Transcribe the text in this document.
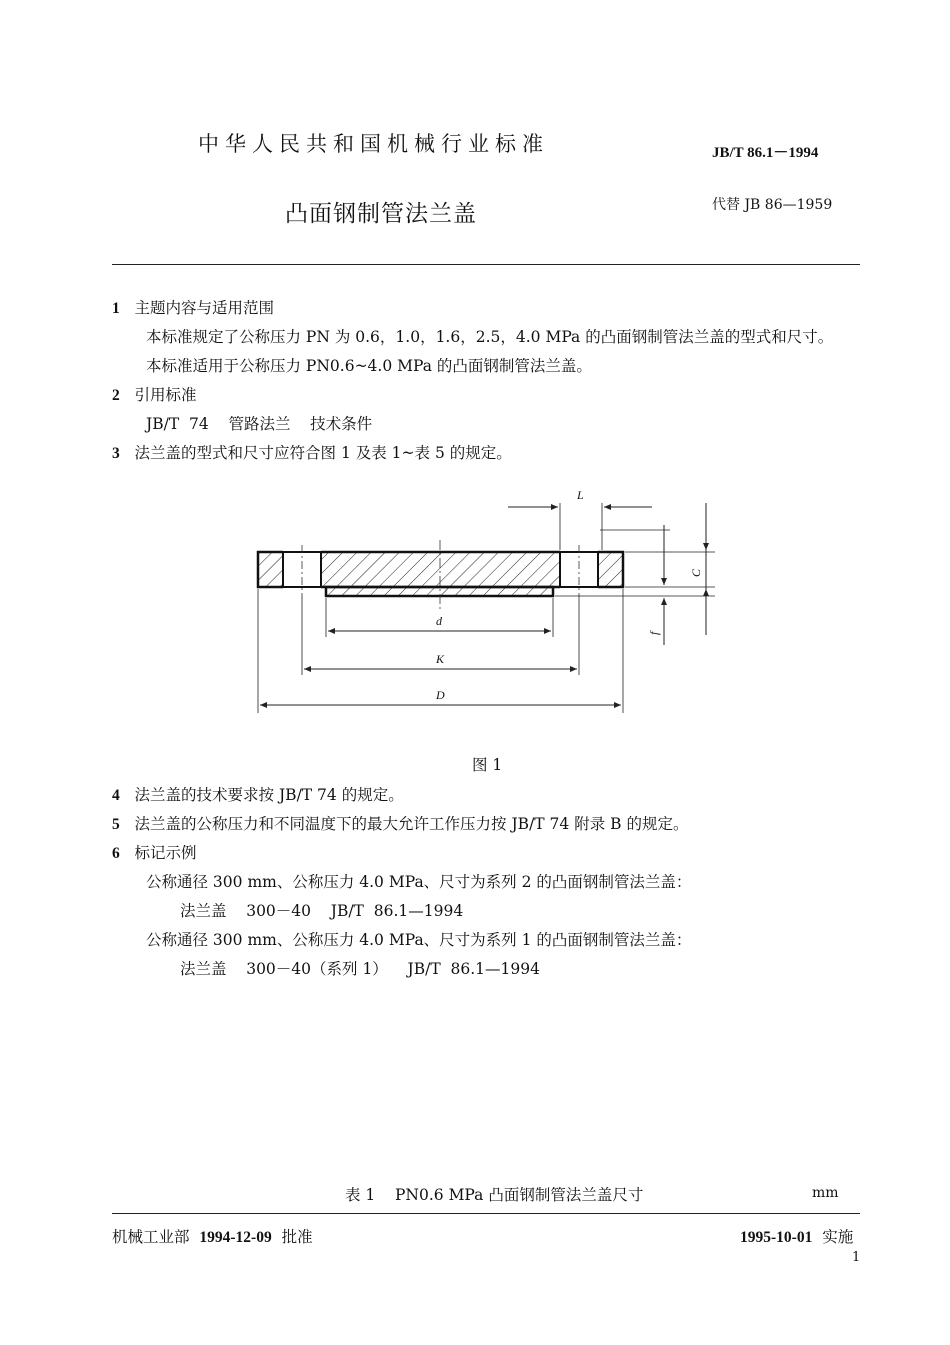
中华人民共和国机械行业标准	JB/T 86.1－1994
凸面钢制管法兰盖	代替 JB 86—1959
1 主题内容与适用范围
本标准规定了公称压力 PN 为 0.6，1.0，1.6，2.5，4.0 MPa 的凸面钢制管法兰盖的型式和尺寸。
本标准适用于公称压力 PN0.6~4.0 MPa 的凸面钢制管法兰盖。
2 引用标准
JB/T  74    管路法兰    技术条件
3 法兰盖的型式和尺寸应符合图 1 及表 1~表 5 的规定。
L
d
K
D
C
f
图 1
4 法兰盖的技术要求按 JB/T 74 的规定。
5 法兰盖的公称压力和不同温度下的最大允许工作压力按 JB/T 74 附录 B 的规定。
6 标记示例
公称通径 300 mm、公称压力 4.0 MPa、尺寸为系列 2 的凸面钢制管法兰盖：
法兰盖    300－40    JB/T  86.1—1994
公称通径 300 mm、公称压力 4.0 MPa、尺寸为系列 1 的凸面钢制管法兰盖：
法兰盖    300－40（系列 1）    JB/T  86.1—1994
表 1    PN0.6 MPa 凸面钢制管法兰盖尺寸	mm
机械工业部 1994-12-09 批准	1995-10-01 实施
1
